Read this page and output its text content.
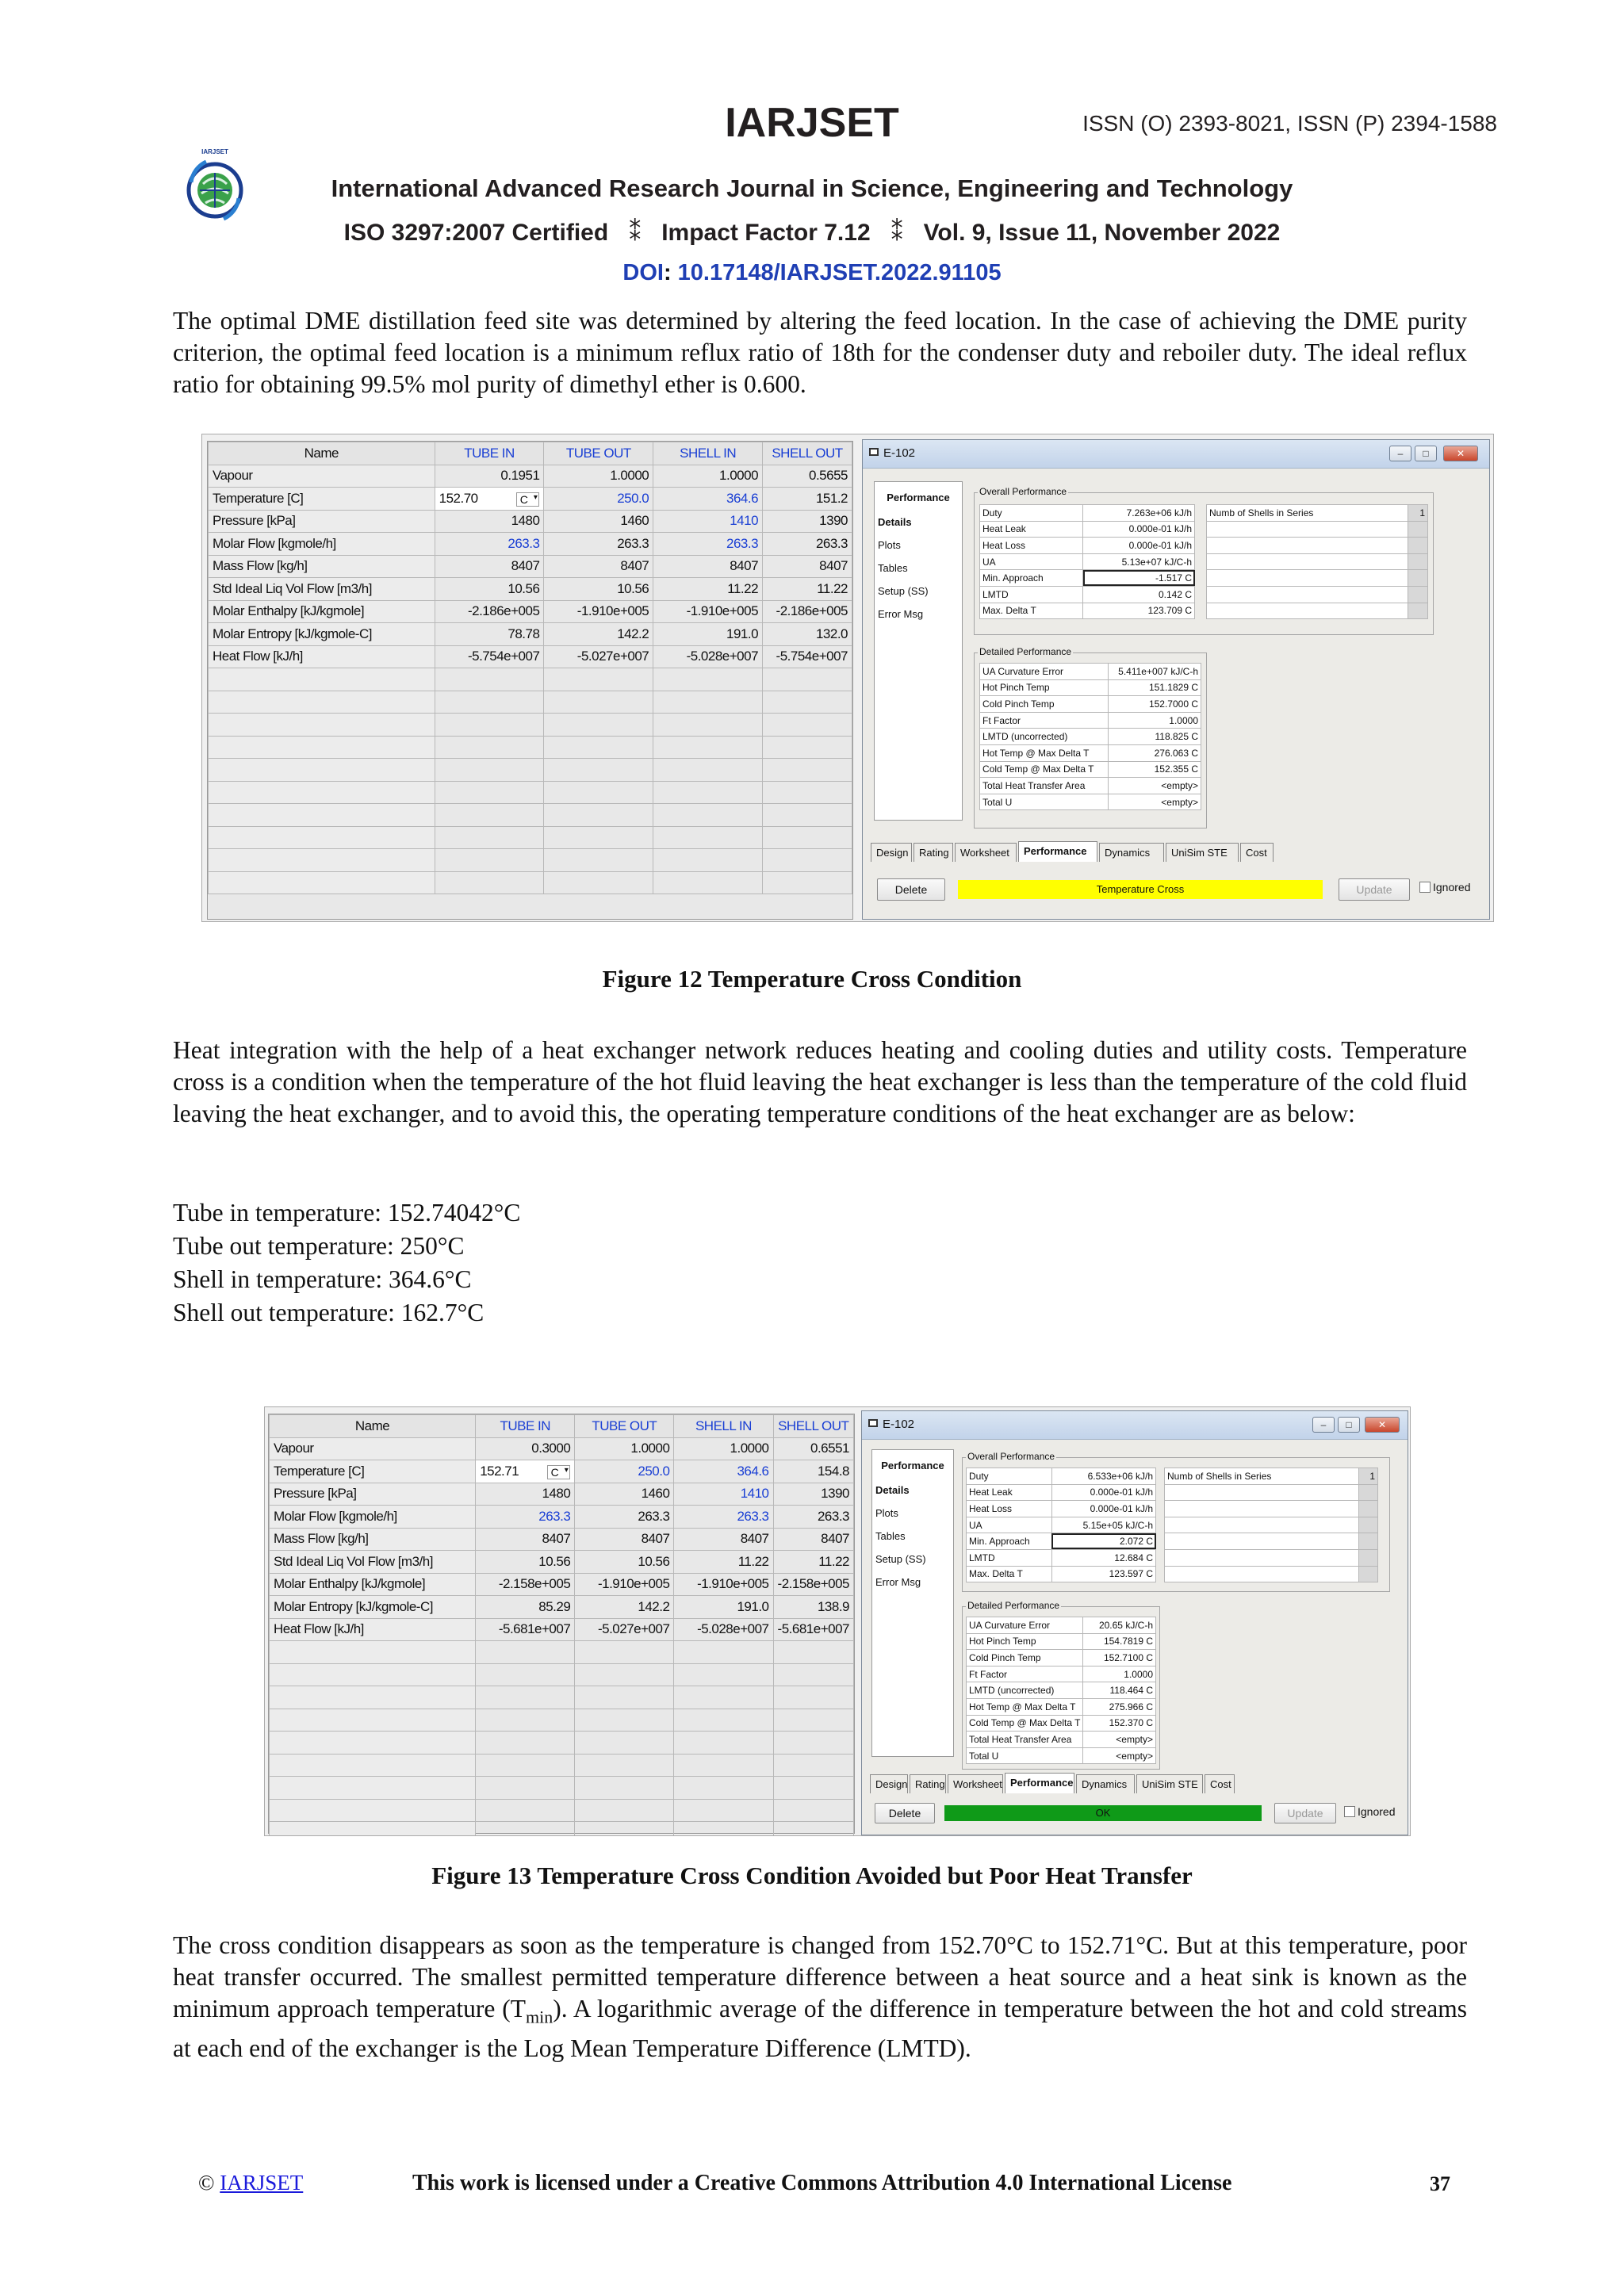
IARJSET
IARJSET	ISSN (O) 2393-8021, ISSN (P) 2394-1588
International Advanced Research Journal in Science, Engineering and Technology
ISO 3297:2007 Certified ⁑ Impact Factor 7.12 ⁑ Vol. 9, Issue 11, November 2022
DOI: 10.17148/IARJSET.2022.91105
The optimal DME distillation feed site was determined by altering the feed location. In the case of achieving the DME purity criterion, the optimal feed location is a minimum reflux ratio of 18th for the condenser duty and reboiler duty. The ideal reflux ratio for obtaining 99.5% mol purity of dimethyl ether is 0.600.
Name	TUBE IN	TUBE OUT	SHELL IN	SHELL OUT
Vapour	0.1951	1.0000	1.0000	0.5655
Temperature [C]	152.70 C ▾	250.0	364.6	151.2
Pressure [kPa]	1480	1460	1410	1390
Molar Flow [kgmole/h]	263.3	263.3	263.3	263.3
Mass Flow [kg/h]	8407	8407	8407	8407
Std Ideal Liq Vol Flow [m3/h]	10.56	10.56	11.22	11.22
Molar Enthalpy [kJ/kgmole]	-2.186e+005	-1.910e+005	-1.910e+005	-2.186e+005
Molar Entropy [kJ/kgmole-C]	78.78	142.2	191.0	132.0
Heat Flow [kJ/h]	-5.754e+007	-5.027e+007	-5.028e+007	-5.754e+007

E-102	–	□	✕
Performance
Details
Plots
Tables
Setup (SS)
Error Msg
Overall Performance
Duty	7.263e+06 kJ/h
Heat Leak	0.000e-01 kJ/h
Heat Loss	0.000e-01 kJ/h
UA	5.13e+07 kJ/C-h
Min. Approach	-1.517 C
LMTD	0.142 C
Max. Delta T	123.709 C
Numb of Shells in Series	1

Detailed Performance
UA Curvature Error	5.411e+007 kJ/C-h
Hot Pinch Temp	151.1829 C
Cold Pinch Temp	152.7000 C
Ft Factor	1.0000
LMTD (uncorrected)	118.825 C
Hot Temp @ Max Delta T	276.063 C
Cold Temp @ Max Delta T	152.355 C
Total Heat Transfer Area	<empty>
Total U	<empty>
Design	Rating	Worksheet	Performance	Dynamics	UniSim STE	Cost
Delete	Temperature Cross	Update	Ignored
Figure 12 Temperature Cross Condition
Heat integration with the help of a heat exchanger network reduces heating and cooling duties and utility costs. Temperature cross is a condition when the temperature of the hot fluid leaving the heat exchanger is less than the temperature of the cold fluid leaving the heat exchanger, and to avoid this, the operating temperature conditions of the heat exchanger are as below:
Tube in temperature: 152.74042°C
Tube out temperature: 250°C
Shell in temperature: 364.6°C
Shell out temperature: 162.7°C
Name	TUBE IN	TUBE OUT	SHELL IN	SHELL OUT
Vapour	0.3000	1.0000	1.0000	0.6551
Temperature [C]	152.71 C ▾	250.0	364.6	154.8
Pressure [kPa]	1480	1460	1410	1390
Molar Flow [kgmole/h]	263.3	263.3	263.3	263.3
Mass Flow [kg/h]	8407	8407	8407	8407
Std Ideal Liq Vol Flow [m3/h]	10.56	10.56	11.22	11.22
Molar Enthalpy [kJ/kgmole]	-2.158e+005	-1.910e+005	-1.910e+005	-2.158e+005
Molar Entropy [kJ/kgmole-C]	85.29	142.2	191.0	138.9
Heat Flow [kJ/h]	-5.681e+007	-5.027e+007	-5.028e+007	-5.681e+007

E-102	–	□	✕
Performance
Details
Plots
Tables
Setup (SS)
Error Msg
Overall Performance
Duty	6.533e+06 kJ/h
Heat Leak	0.000e-01 kJ/h
Heat Loss	0.000e-01 kJ/h
UA	5.15e+05 kJ/C-h
Min. Approach	2.072 C
LMTD	12.684 C
Max. Delta T	123.597 C
Numb of Shells in Series	1

Detailed Performance
UA Curvature Error	20.65 kJ/C-h
Hot Pinch Temp	154.7819 C
Cold Pinch Temp	152.7100 C
Ft Factor	1.0000
LMTD (uncorrected)	118.464 C
Hot Temp @ Max Delta T	275.966 C
Cold Temp @ Max Delta T	152.370 C
Total Heat Transfer Area	<empty>
Total U	<empty>
Design Rating Worksheet Performance Dynamics	UniSim STE	Cost
Delete	OK	Update	Ignored
Figure 13 Temperature Cross Condition Avoided but Poor Heat Transfer
The cross condition disappears as soon as the temperature is changed from 152.70°C to 152.71°C. But at this temperature, poor heat transfer occurred. The smallest permitted temperature difference between a heat source and a heat sink is known as the minimum approach temperature $(T_{min})$. A logarithmic average of the difference in temperature between the hot and cold streams at each end of the exchanger is the Log Mean Temperature Difference (LMTD).
© IARJSET	This work is licensed under a Creative Commons Attribution 4.0 International License	37
